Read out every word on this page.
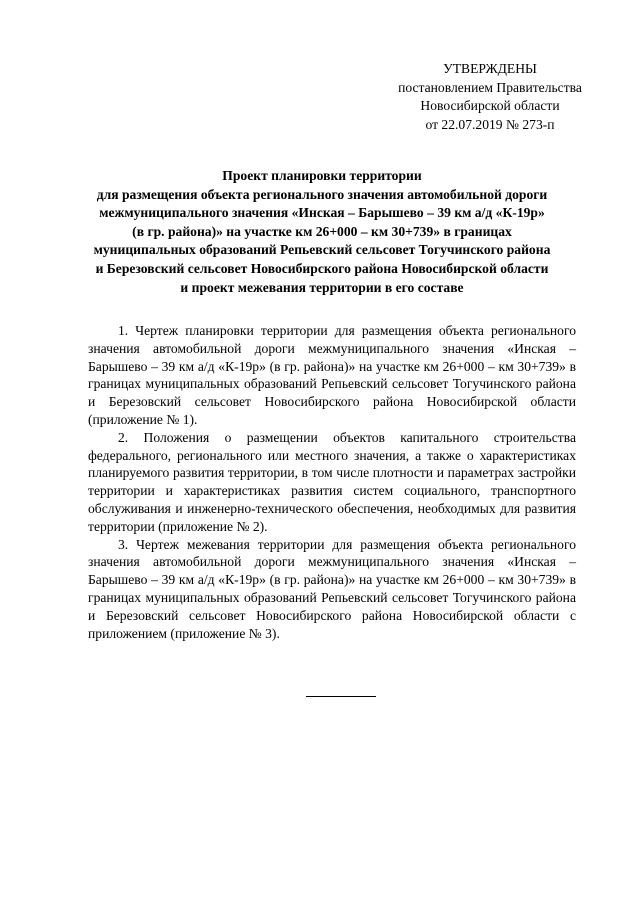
УТВЕРЖДЕНЫ
постановлением Правительства
Новосибирской области
от 22.07.2019 № 273-п
Проект планировки территории
для размещения объекта регионального значения автомобильной дороги
межмуниципального значения «Инская – Барышево – 39 км а/д «К-19р»
(в гр. района)» на участке км 26+000 – км 30+739» в границах
муниципальных образований Репьевский сельсовет Тогучинского района
и Березовский сельсовет Новосибирского района Новосибирской области
и проект межевания территории в его составе

1. Чертеж планировки территории для размещения объекта регионального значения автомобильной дороги межмуниципального значения «Инская – Барышево – 39 км а/д «К-19р» (в гр. района)» на участке км 26+000 – км 30+739» в границах муниципальных образований Репьевский сельсовет Тогучинского района и Березовский сельсовет Новосибирского района Новосибирской области (приложение № 1).

2. Положения о размещении объектов капитального строительства федерального, регионального или местного значения, а также о характеристиках планируемого развития территории, в том числе плотности и параметрах застройки территории и характеристиках развития систем социального, транспортного обслуживания и инженерно-технического обеспечения, необходимых для развития территории (приложение № 2).

3. Чертеж межевания территории для размещения объекта регионального значения автомобильной дороги межмуниципального значения «Инская – Барышево – 39 км а/д «К-19р» (в гр. района)» на участке км 26+000 – км 30+739» в границах муниципальных образований Репьевский сельсовет Тогучинского района и Березовский сельсовет Новосибирского района Новосибирской области с приложением (приложение № 3).
